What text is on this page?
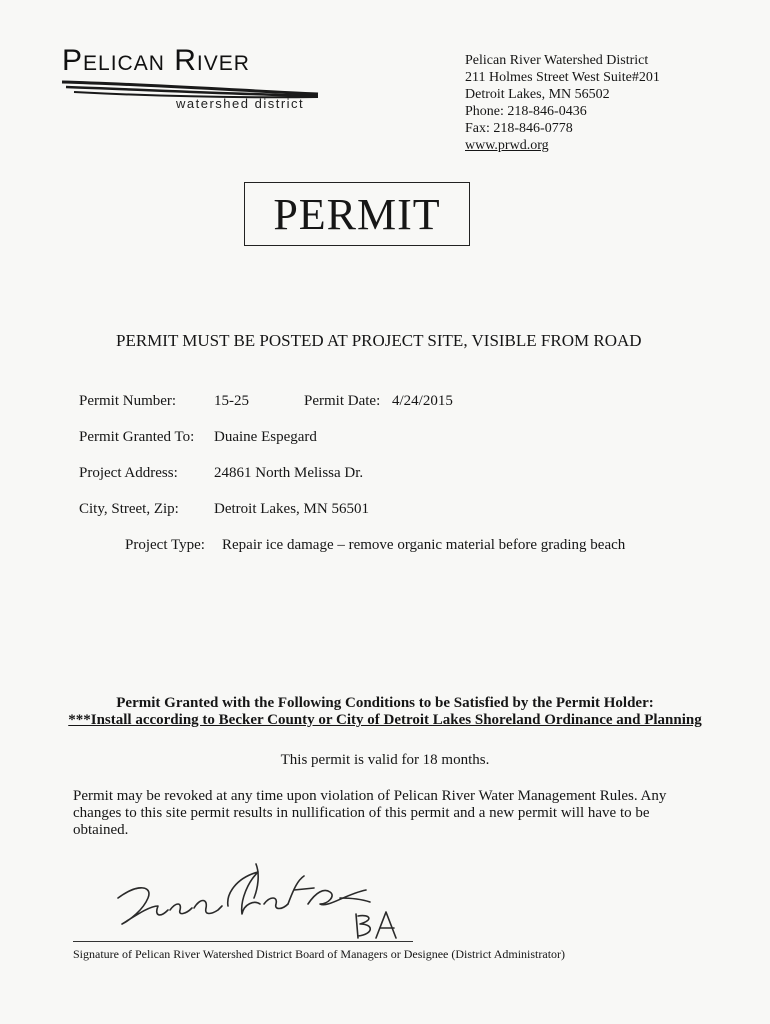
Pelican River
watershed district
Pelican River Watershed District
211 Holmes Street West Suite#201
Detroit Lakes, MN 56502
Phone: 218-846-0436
Fax: 218-846-0778
www.prwd.org
PERMIT
PERMIT MUST BE POSTED AT PROJECT SITE, VISIBLE FROM ROAD
Permit Number:	15-25	Permit Date: 4/24/2015
Permit Granted To: Duaine Espegard
Project Address: 24861 North Melissa Dr.
City, Street, Zip: Detroit Lakes, MN 56501
Project Type: Repair ice damage – remove organic material before grading beach
Permit Granted with the Following Conditions to be Satisfied by the Permit Holder:
***Install according to Becker County or City of Detroit Lakes Shoreland Ordinance and Planning
This permit is valid for 18 months.
Permit may be revoked at any time upon violation of Pelican River Water Management Rules. Any changes to this site permit results in nullification of this permit and a new permit will have to be obtained.
Signature of Pelican River Watershed District Board of Managers or Designee (District Administrator)
